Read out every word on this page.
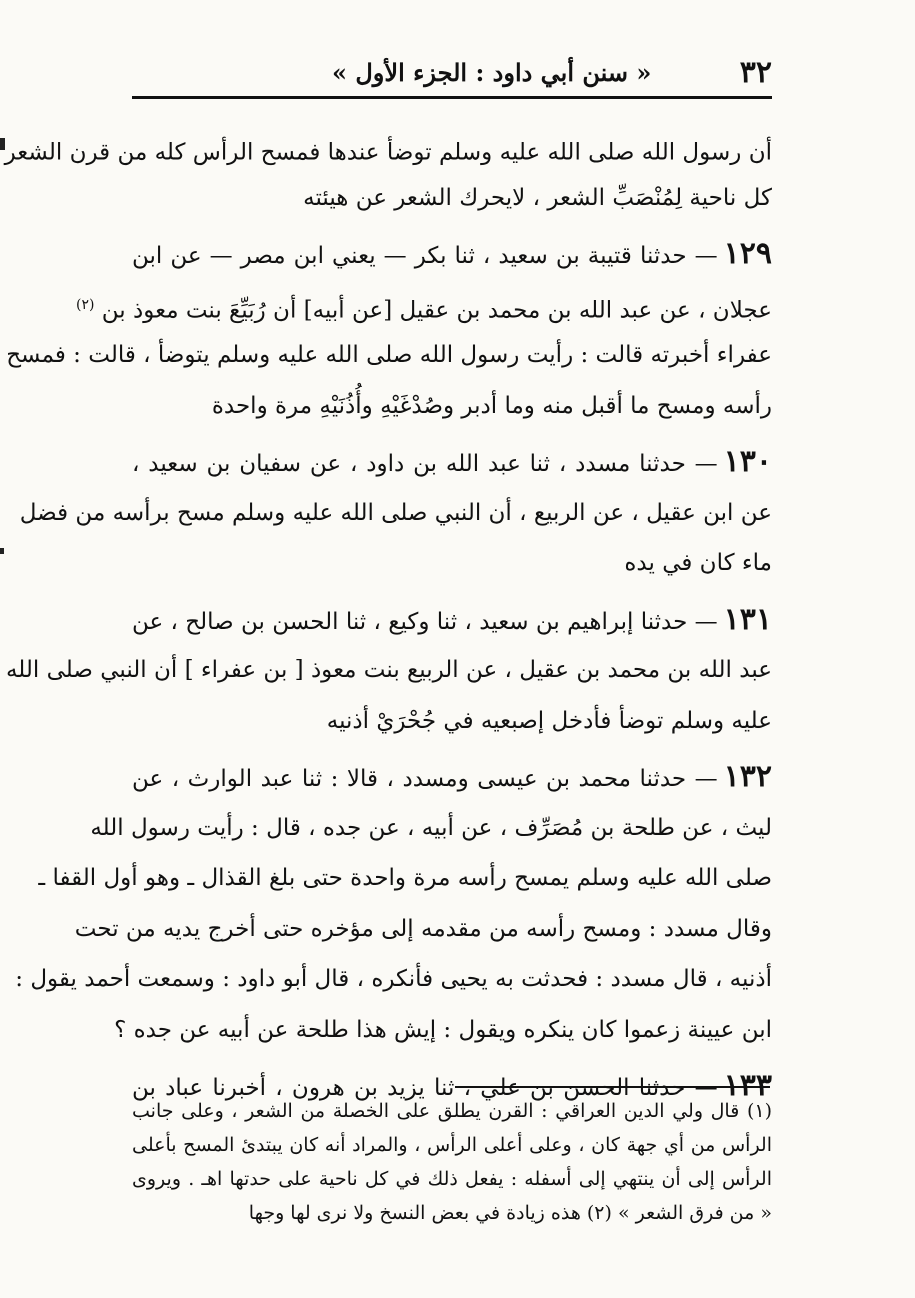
٣٢
« سنن أبي داود : الجزء الأول »
أن رسول الله صلى الله عليه وسلم توضأ عندها فمسح الرأس كله من قرن الشعر
كل ناحية لِمُنْصَبِّ الشعر ، لايحرك الشعر عن هيئته
١٢٩— حدثنا قتيبة بن سعيد ، ثنا بكر — يعني ابن مصر — عن ابن
عجلان ، عن عبد الله بن محمد بن عقيل [عن أبيه] أن رُبَيِّعَ بنت معوذ بن $^{(٢)}$
عفراء أخبرته قالت : رأيت رسول الله صلى الله عليه وسلم يتوضأ ، قالت : فمسح
رأسه ومسح ما أقبل منه وما أدبر وصُدْغَيْهِ وأُذُنَيْهِ مرة واحدة
١٣٠— حدثنا مسدد ، ثنا عبد الله بن داود ، عن سفيان بن سعيد ،
عن ابن عقيل ، عن الربيع ، أن النبي صلى الله عليه وسلم مسح برأسه من فضل
ماء كان في يده
١٣١— حدثنا إبراهيم بن سعيد ، ثنا وكيع ، ثنا الحسن بن صالح ، عن
عبد الله بن محمد بن عقيل ، عن الربيع بنت معوذ [ بن عفراء ] أن النبي صلى الله
عليه وسلم توضأ فأدخل إصبعيه في جُحْرَيْ أذنيه
١٣٢— حدثنا محمد بن عيسى ومسدد ، قالا : ثنا عبد الوارث ، عن
ليث ، عن طلحة بن مُصَرِّف ، عن أبيه ، عن جده ، قال : رأيت رسول الله
صلى الله عليه وسلم يمسح رأسه مرة واحدة حتى بلغ القذال ـ وهو أول القفا ـ
وقال مسدد : ومسح رأسه من مقدمه إلى مؤخره حتى أخرج يديه من تحت
أذنيه ، قال مسدد : فحدثت به يحيى فأنكره ، قال أبو داود : وسمعت أحمد يقول :
ابن عيينة زعموا كان ينكره ويقول : إيش هذا طلحة عن أبيه عن جده ؟
١٣٣— حدثنا الحسن بن علي ، ثنا يزيد بن هرون ، أخبرنا عباد بن
(١) قال ولي الدين العراقي : القرن يطلق على الخصلة من الشعر ، وعلى جانب
الرأس من أي جهة كان ، وعلى أعلى الرأس ، والمراد أنه كان يبتدئ المسح بأعلى
الرأس إلى أن ينتهي إلى أسفله : يفعل ذلك في كل ناحية على حدتها اهـ . ويروى
« من فرق الشعر » (٢) هذه زيادة في بعض النسخ ولا نرى لها وجها
